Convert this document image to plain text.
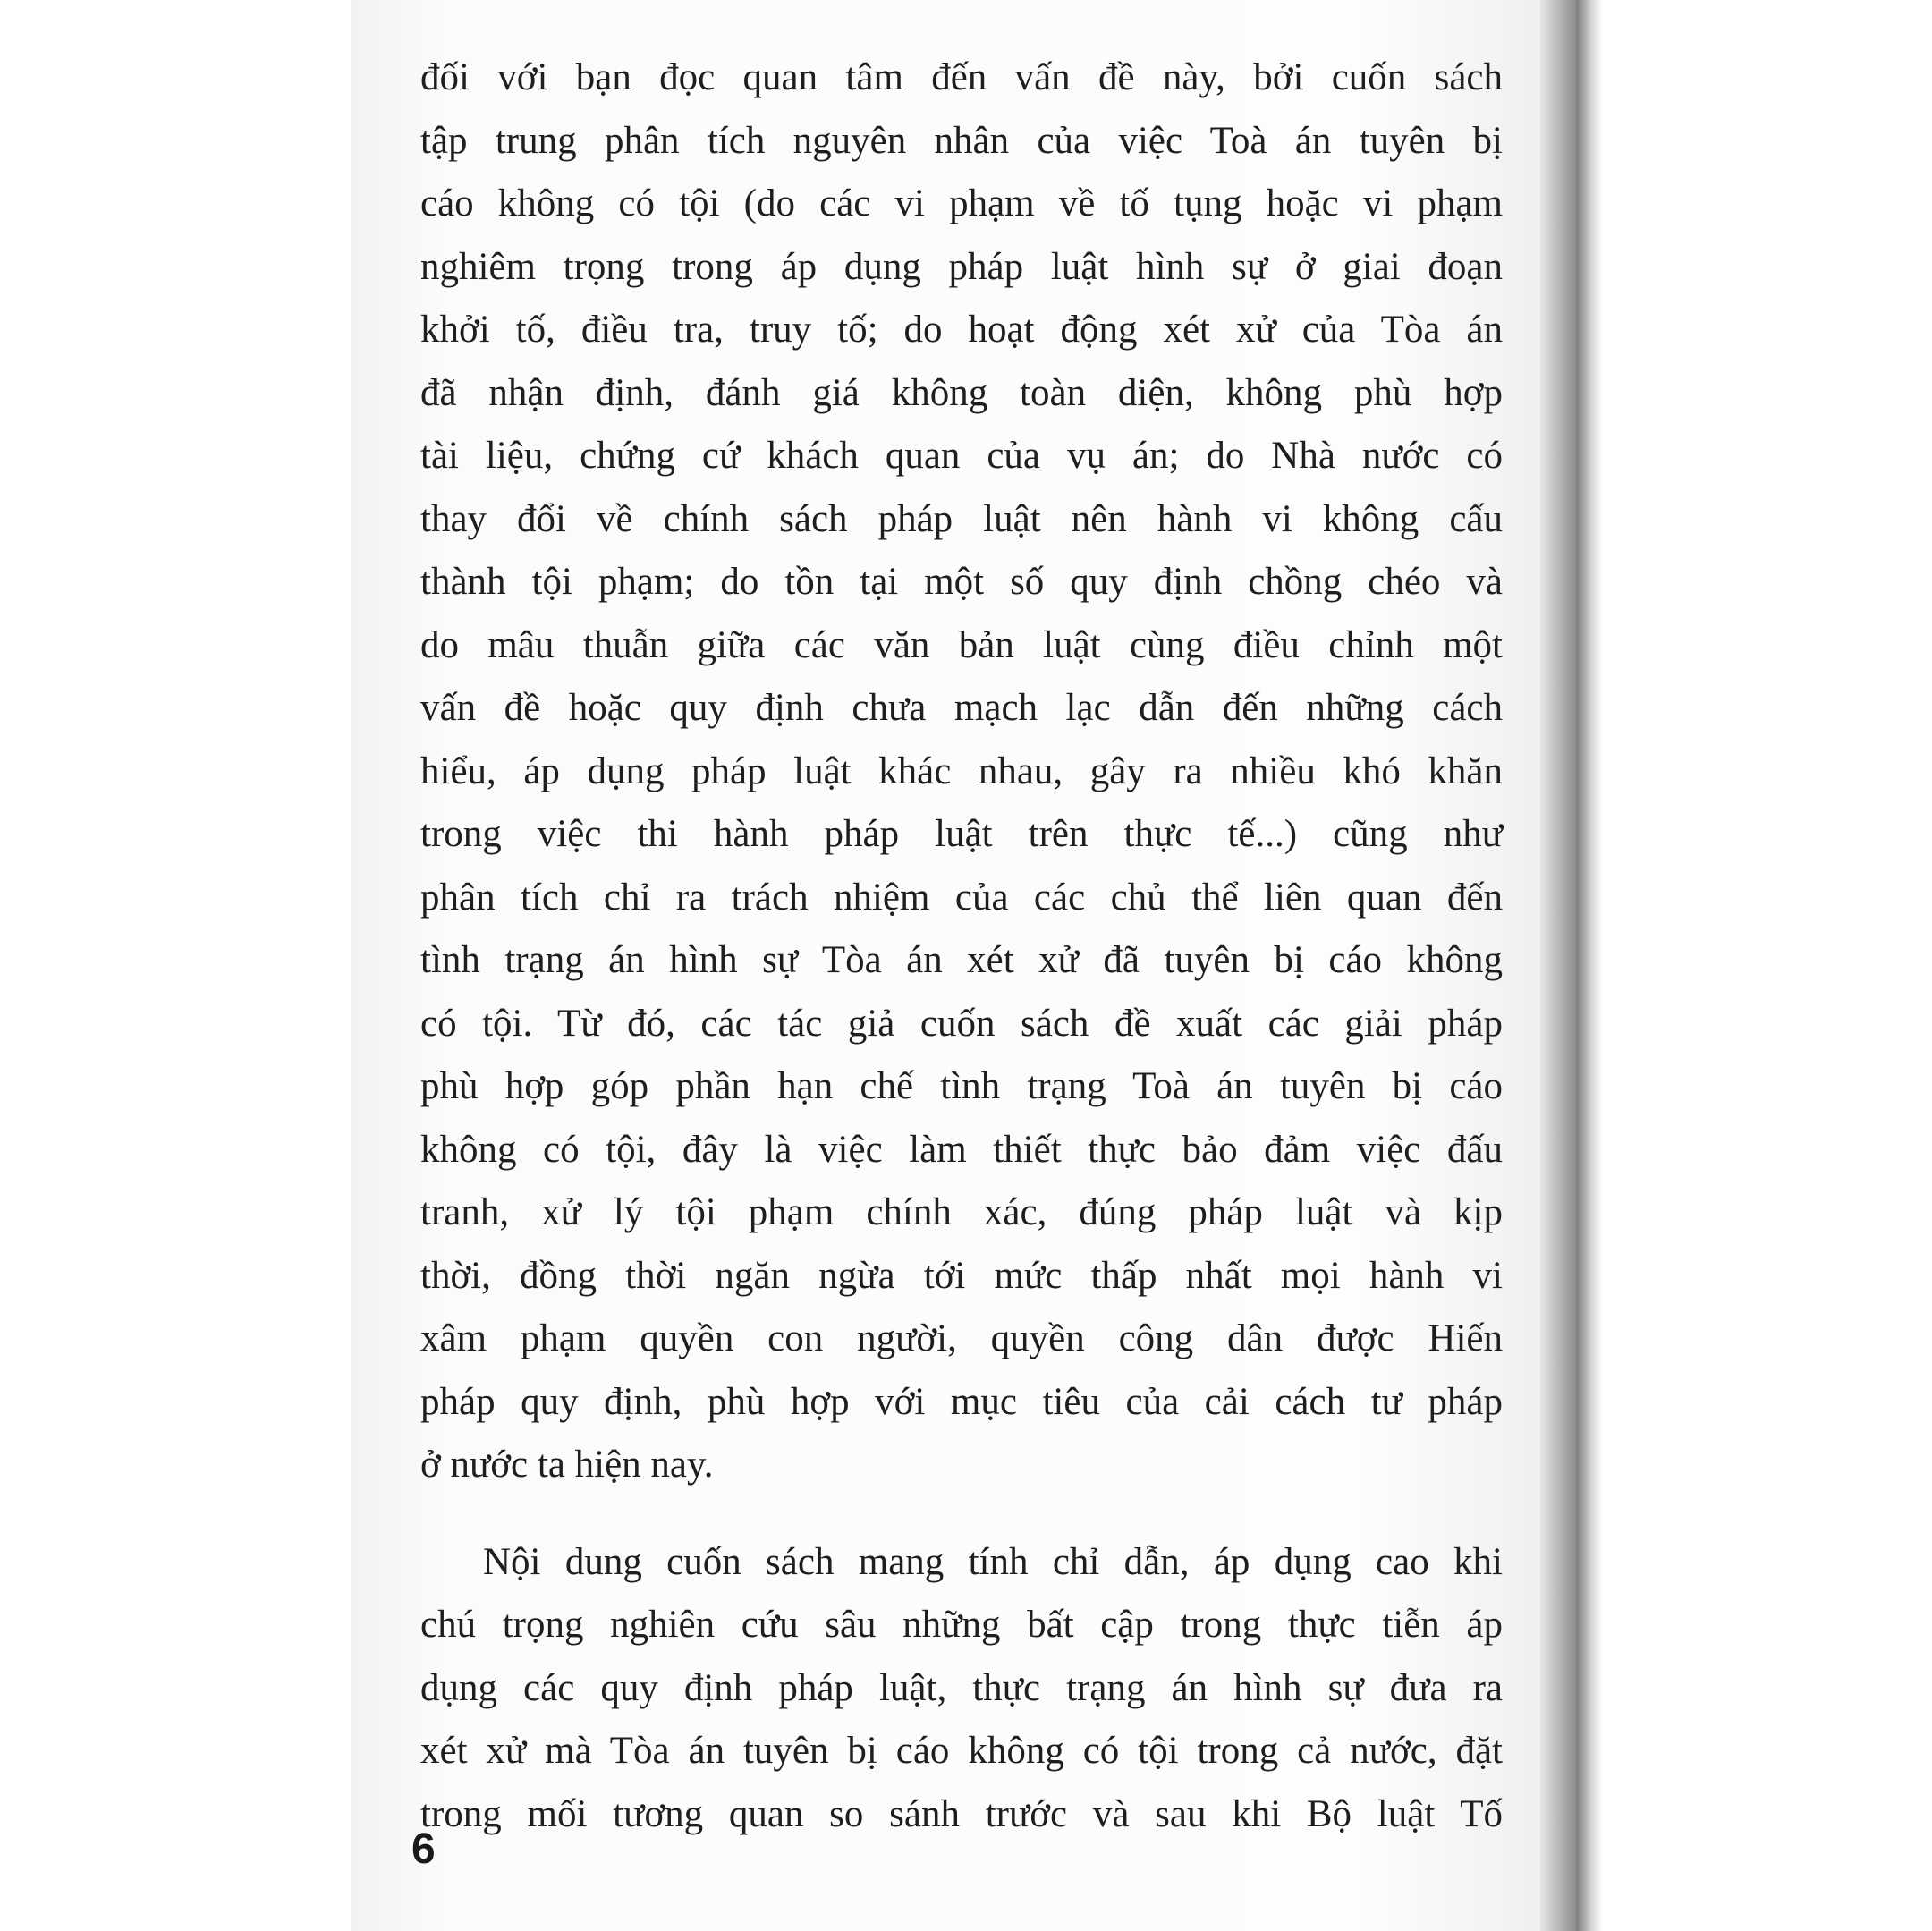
đối với bạn đọc quan tâm đến vấn đề này, bởi cuốn sách
tập trung phân tích nguyên nhân của việc Toà án tuyên bị
cáo không có tội (do các vi phạm về tố tụng hoặc vi phạm
nghiêm trọng trong áp dụng pháp luật hình sự ở giai đoạn
khởi tố, điều tra, truy tố; do hoạt động xét xử của Tòa án
đã nhận định, đánh giá không toàn diện, không phù hợp
tài liệu, chứng cứ khách quan của vụ án; do Nhà nước có
thay đổi về chính sách pháp luật nên hành vi không cấu
thành tội phạm; do tồn tại một số quy định chồng chéo và
do mâu thuẫn giữa các văn bản luật cùng điều chỉnh một
vấn đề hoặc quy định chưa mạch lạc dẫn đến những cách
hiểu, áp dụng pháp luật khác nhau, gây ra nhiều khó khăn
trong việc thi hành pháp luật trên thực tế...) cũng như
phân tích chỉ ra trách nhiệm của các chủ thể liên quan đến
tình trạng án hình sự Tòa án xét xử đã tuyên bị cáo không
có tội. Từ đó, các tác giả cuốn sách đề xuất các giải pháp
phù hợp góp phần hạn chế tình trạng Toà án tuyên bị cáo
không có tội, đây là việc làm thiết thực bảo đảm việc đấu
tranh, xử lý tội phạm chính xác, đúng pháp luật và kịp
thời, đồng thời ngăn ngừa tới mức thấp nhất mọi hành vi
xâm phạm quyền con người, quyền công dân được Hiến
pháp quy định, phù hợp với mục tiêu của cải cách tư pháp
ở nước ta hiện nay.
Nội dung cuốn sách mang tính chỉ dẫn, áp dụng cao khi
chú trọng nghiên cứu sâu những bất cập trong thực tiễn áp
dụng các quy định pháp luật, thực trạng án hình sự đưa ra
xét xử mà Tòa án tuyên bị cáo không có tội trong cả nước, đặt
trong mối tương quan so sánh trước và sau khi Bộ luật Tố
6
